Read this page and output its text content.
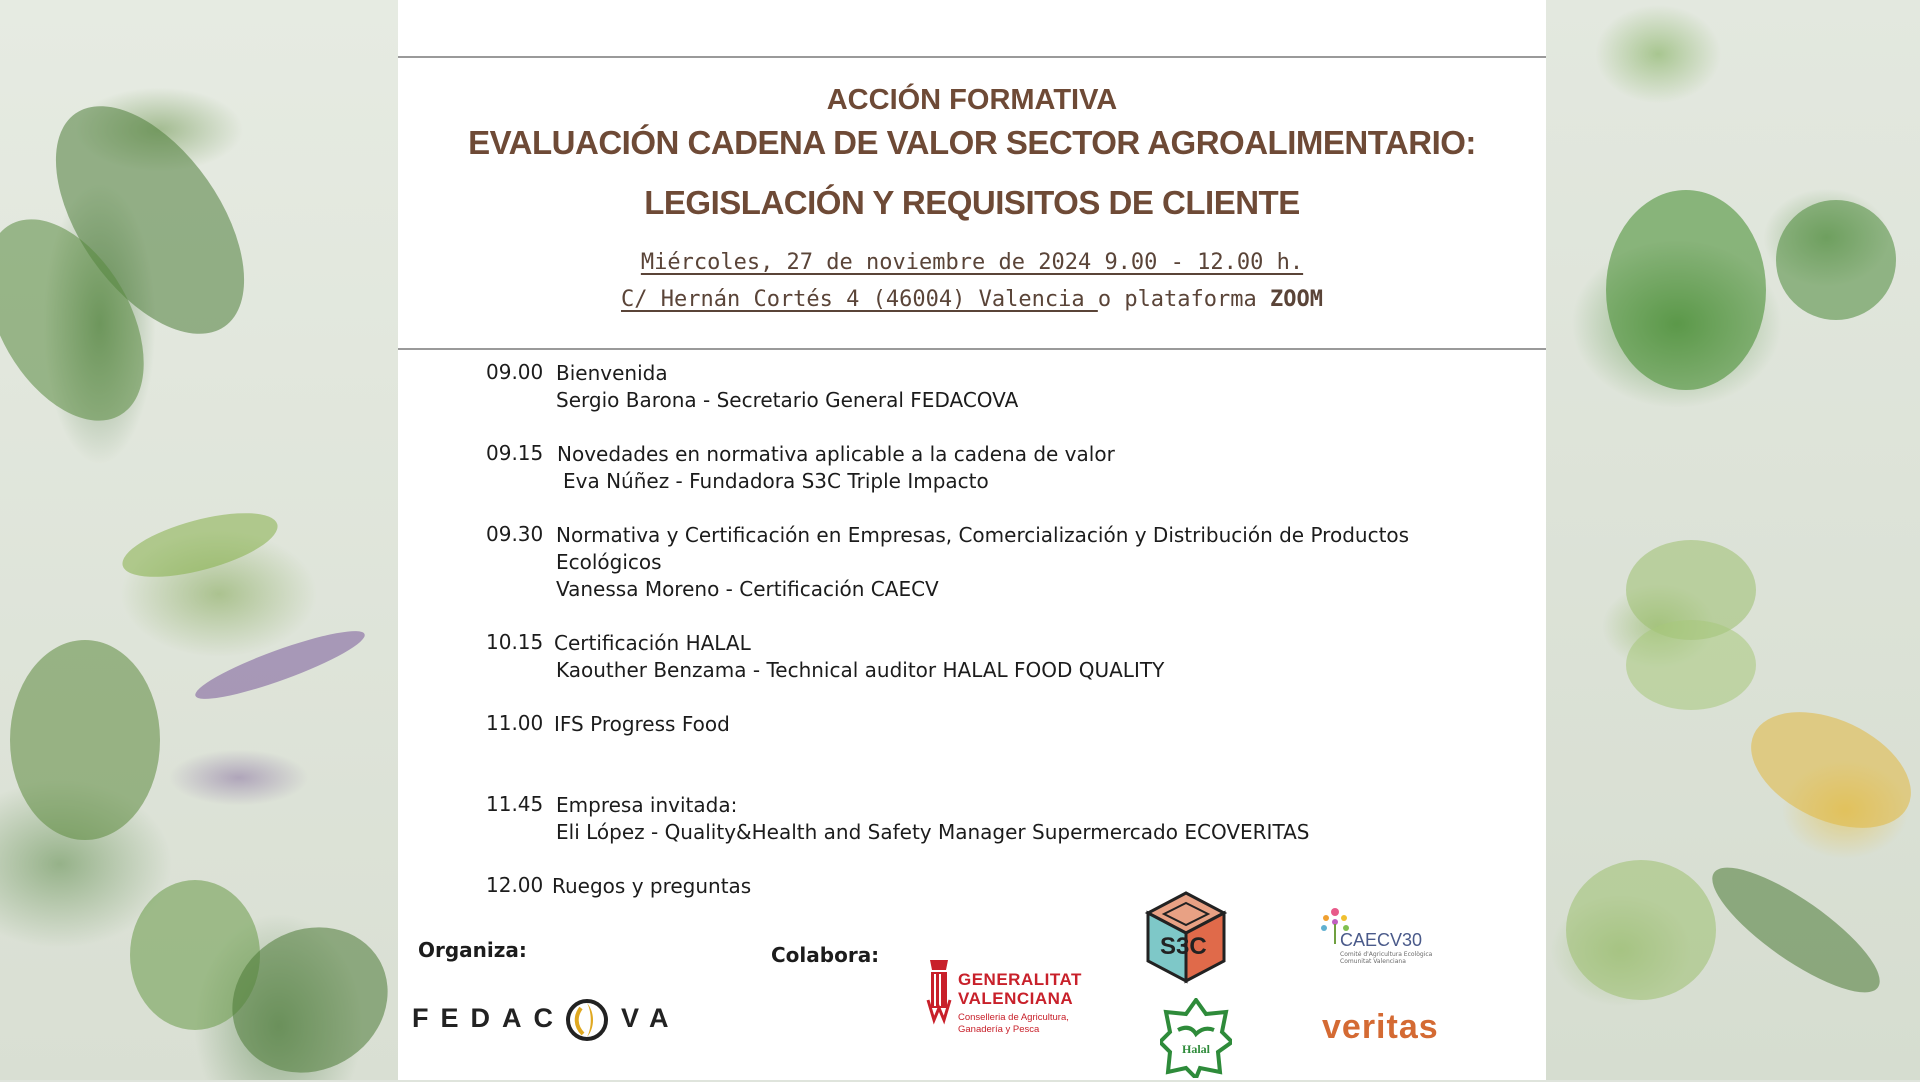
ACCIÓN FORMATIVA
EVALUACIÓN CADENA DE VALOR SECTOR AGROALIMENTARIO:
LEGISLACIÓN Y REQUISITOS DE CLIENTE
Miércoles, 27 de noviembre de 2024 9.00 - 12.00 h.
C/ Hernán Cortés 4 (46004) Valencia o plataforma ZOOM
09.00 Bienvenida
Sergio Barona - Secretario General FEDACOVA
09.15 Novedades en normativa aplicable a la cadena de valor
Eva Núñez - Fundadora S3C Triple Impacto
09.30 Normativa y Certificación en Empresas, Comercialización y Distribución de Productos
Ecológicos
Vanessa Moreno - Certificación CAECV
10.15 Certificación HALAL
Kaouther Benzama - Technical auditor HALAL FOOD QUALITY
11.00 IFS Progress Food
11.45 Empresa invitada:
Eli López - Quality&Health and Safety Manager Supermercado ECOVERITAS
12.00 Ruegos y preguntas
Organiza:	Colabora:
FEDAC VA
GENERALITAT
VALENCIANA
Conselleria de Agricultura,
Ganadería y Pesca
S3C
Halal
CAECV30
Comité d'Agricultura Ecològica
Comunitat Valenciana
veritas
